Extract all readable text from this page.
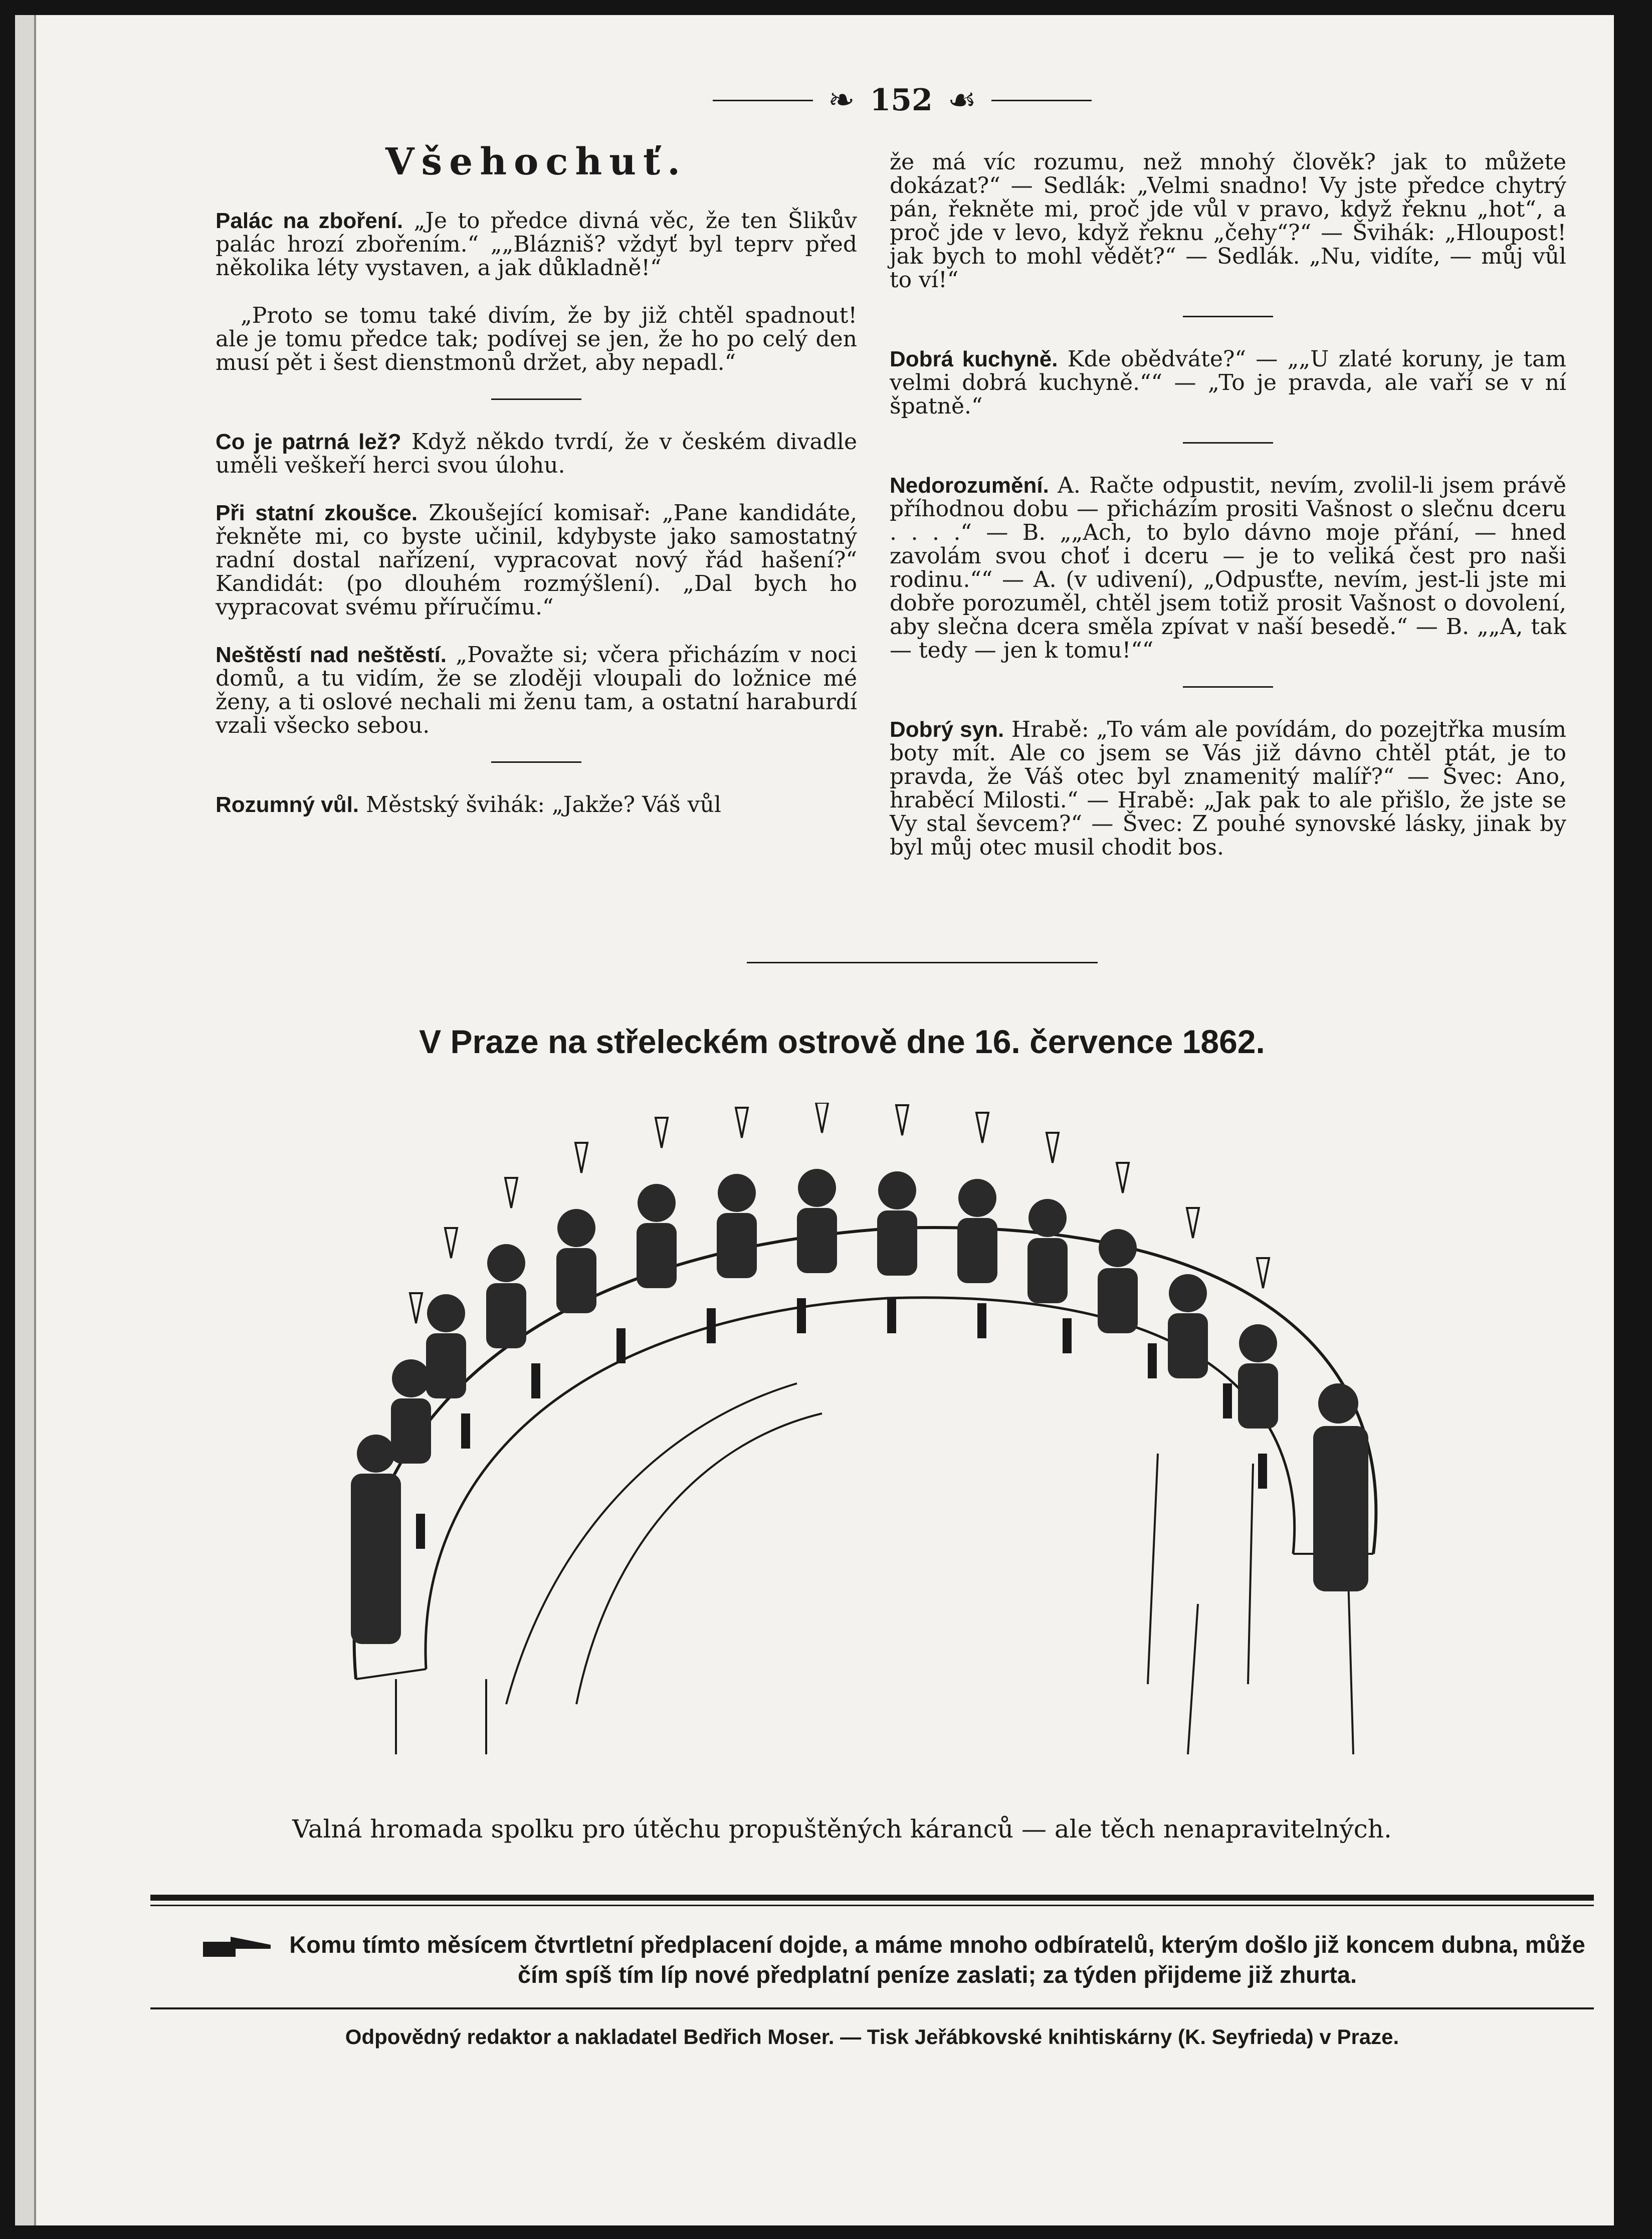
❧ 152 ☙
Všehochuť.

Palác na zboření. „Je to předce divná věc, že ten Šlikův palác hrozí zbořením.“ „„Blázniš? vždyť byl teprv před několika léty vystaven, a jak důkladně!“

„Proto se tomu také divím, že by již chtěl spadnout! ale je tomu předce tak; podívej se jen, že ho po celý den musí pět i šest dienstmonů držet, aby nepadl.“

Co je patrná lež? Když někdo tvrdí, že v českém divadle uměli veškeří herci svou úlohu.

Při statní zkoušce. Zkoušející komisař: „Pane kandidáte, řekněte mi, co byste učinil, kdybyste jako samostatný radní dostal nařízení, vypracovat nový řád hašení?“ Kandidát: (po dlouhém rozmýšlení). „Dal bych ho vypracovat svému příručímu.“

Neštěstí nad neštěstí. „Považte si; včera přicházím v noci domů, a tu vidím, že se zloději vloupali do ložnice mé ženy, a ti oslové nechali mi ženu tam, a ostatní haraburdí vzali všecko sebou.

Rozumný vůl. Městský švihák: „Jakže? Váš vůl

že má víc rozumu, než mnohý člověk? jak to můžete dokázat?“ — Sedlák: „Velmi snadno! Vy jste předce chytrý pán, řekněte mi, proč jde vůl v pravo, když řeknu „hot“, a proč jde v levo, když řeknu „čehy“?“ — Švihák: „Hloupost! jak bych to mohl vědět?“ — Sedlák. „Nu, vidíte, — můj vůl to ví!“

Dobrá kuchyně. Kde obědváte?“ — „„U zlaté koruny, je tam velmi dobrá kuchyně.““ — „To je pravda, ale vaří se v ní špatně.“

Nedorozumění. A. Račte odpustit, nevím, zvolil-li jsem právě příhodnou dobu — přicházím prositi Vašnost o slečnu dceru . . . .“ — B. „„Ach, to bylo dávno moje přání, — hned zavolám svou choť i dceru — je to veliká čest pro naši rodinu.““ — A. (v udivení), „Odpusťte, nevím, jest-li jste mi dobře porozuměl, chtěl jsem totiž prosit Vašnost o dovolení, aby slečna dcera směla zpívat v naší besedě.“ — B. „„A, tak — tedy — jen k tomu!““

Dobrý syn. Hrabě: „To vám ale povídám, do pozejtřka musím boty mít. Ale co jsem se Vás již dávno chtěl ptát, je to pravda, že Váš otec byl znamenitý malíř?“ — Švec: Ano, hraběcí Milosti.“ — Hrabě: „Jak pak to ale přišlo, že jste se Vy stal ševcem?“ — Švec: Z pouhé synovské lásky, jinak by byl můj otec musil chodit bos.

V Praze na střeleckém ostrově dne 16. července 1862.
Valná hromada spolku pro útěchu propuštěných káranců — ale těch nenapravitelných.
Komu tímto měsícem čtvrtletní předplacení dojde, a máme mnoho odbíratelů, kterým došlo již koncem dubna, může čím spíš tím líp nové předplatní peníze zaslati; za týden přijdeme již zhurta.
Odpovědný redaktor a nakladatel Bedřich Moser. — Tisk Jeřábkovské knihtiskárny (K. Seyfrieda) v Praze.
